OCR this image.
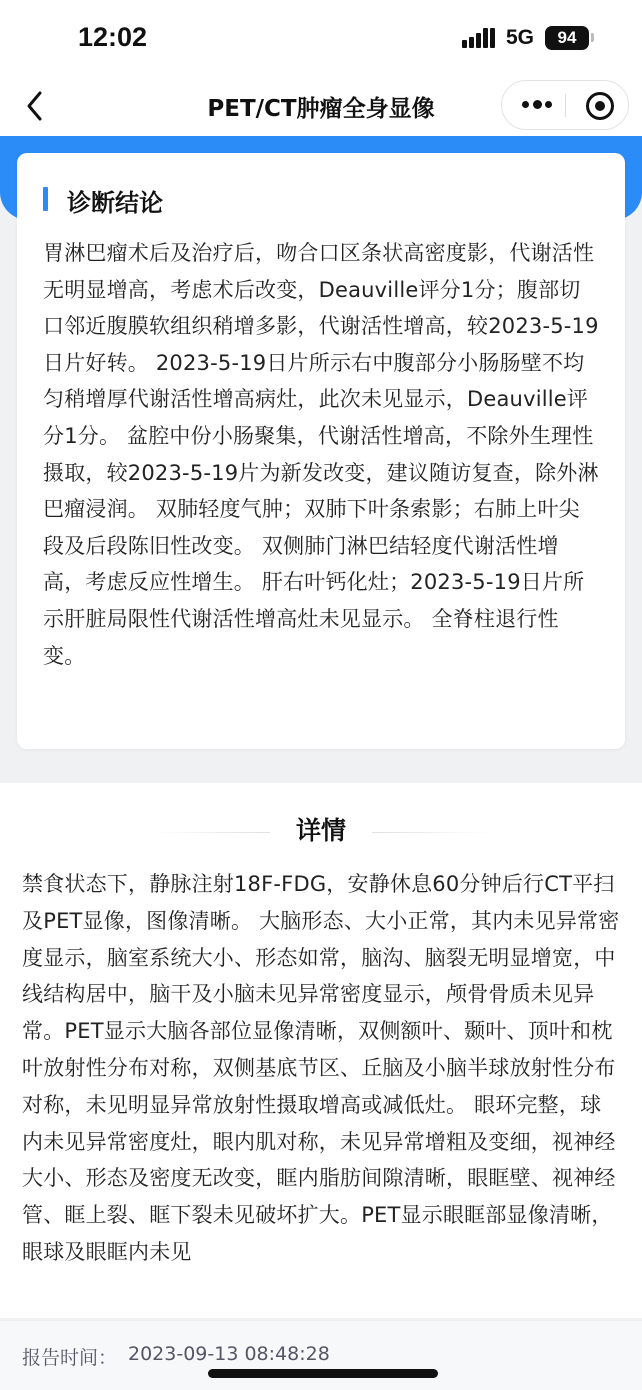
12:02	5G	94
PET/CT肿瘤全身显像
诊断结论
胃淋巴瘤术后及治疗后，吻合口区条状高密度影，代谢活性无明显增高，考虑术后改变，Deauville评分1分；腹部切口邻近腹膜软组织稍增多影，代谢活性增高，较2023-5-19日片好转。 2023-5-19日片所示右中腹部分小肠肠壁不均匀稍增厚代谢活性增高病灶，此次未见显示，Deauville评分1分。 盆腔中份小肠聚集，代谢活性增高，不除外生理性摄取，较2023-5-19片为新发改变，建议随访复查，除外淋巴瘤浸润。 双肺轻度气肿；双肺下叶条索影；右肺上叶尖段及后段陈旧性改变。 双侧肺门淋巴结轻度代谢活性增高，考虑反应性增生。 肝右叶钙化灶；2023-5-19日片所示肝脏局限性代谢活性增高灶未见显示。 全脊柱退行性变。
详情
禁食状态下，静脉注射18F-FDG，安静休息60分钟后行CT平扫及PET显像，图像清晰。 大脑形态、大小正常，其内未见异常密度显示，脑室系统大小、形态如常，脑沟、脑裂无明显增宽，中线结构居中，脑干及小脑未见异常密度显示，颅骨骨质未见异常。PET显示大脑各部位显像清晰，双侧额叶、颞叶、顶叶和枕叶放射性分布对称，双侧基底节区、丘脑及小脑半球放射性分布对称，未见明显异常放射性摄取增高或减低灶。 眼环完整，球内未见异常密度灶，眼内肌对称，未见异常增粗及变细，视神经大小、形态及密度无改变，眶内脂肪间隙清晰，眼眶壁、视神经管、眶上裂、眶下裂未见破坏扩大。PET显示眼眶部显像清晰，眼球及眼眶内未见
报告时间： 2023-09-13 08:48:28
